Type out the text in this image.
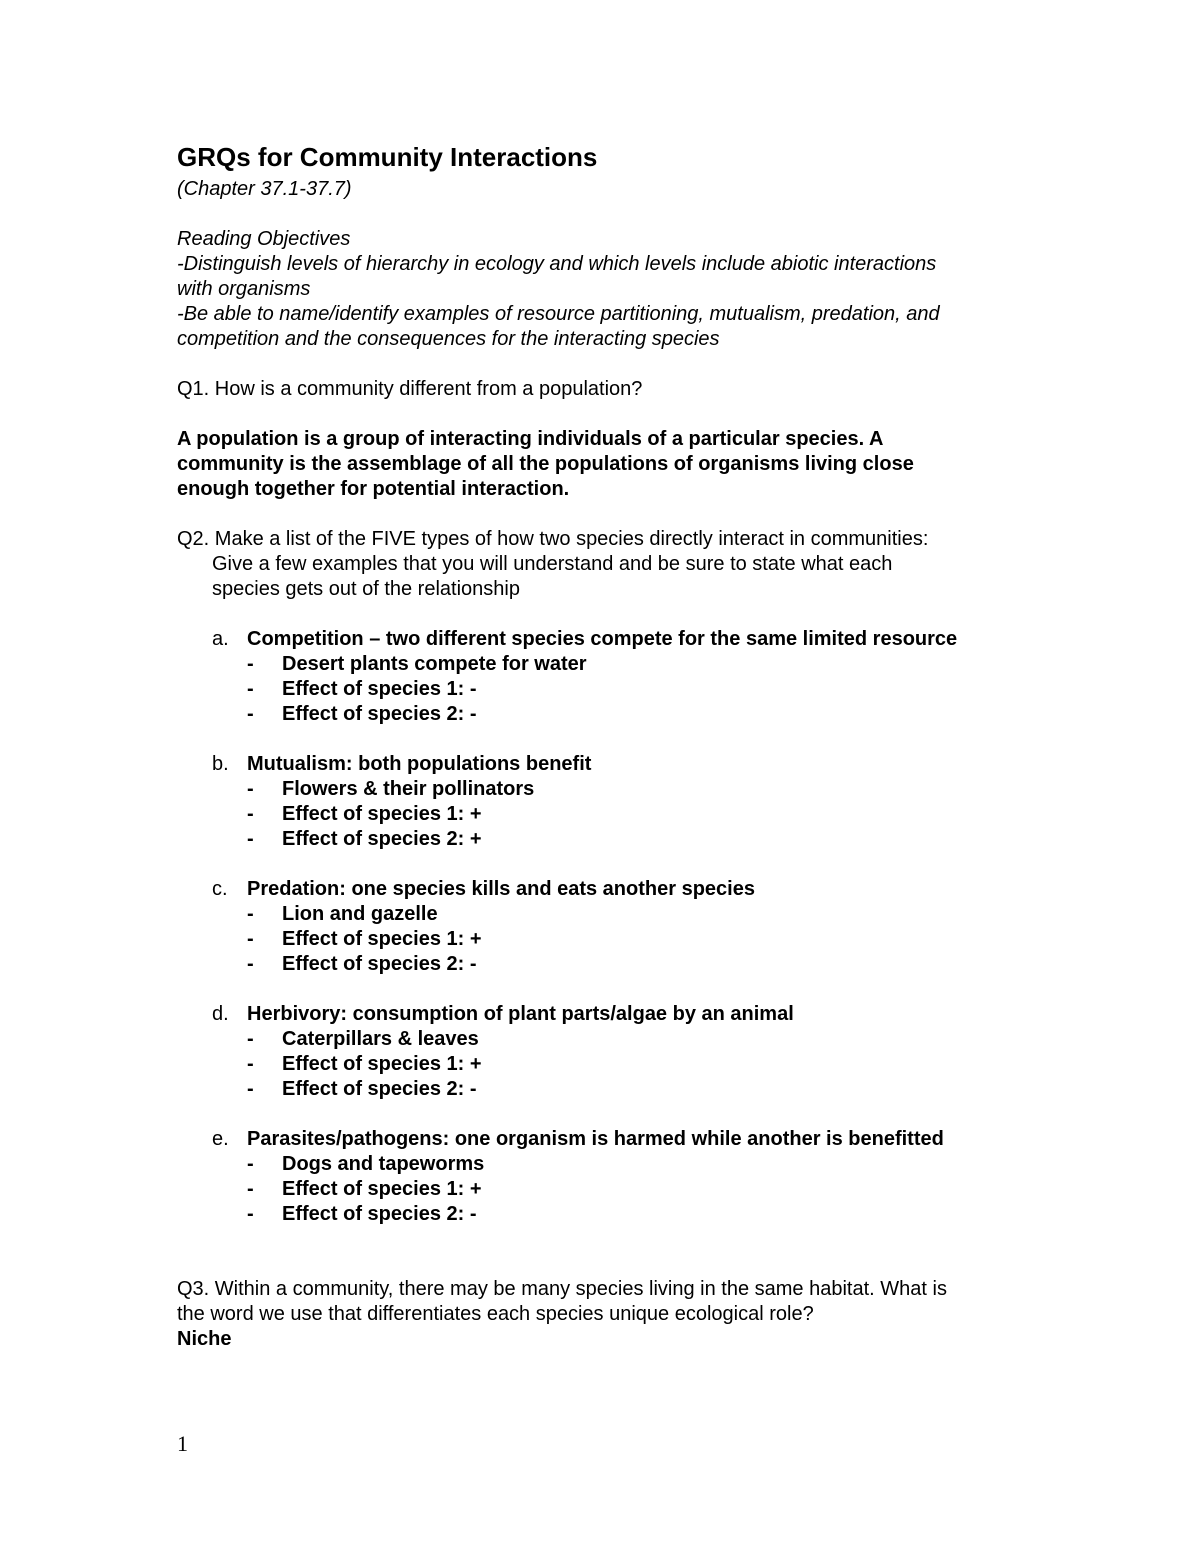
GRQs for Community Interactions

(Chapter 37.1-37.7)

Reading Objectives

-Distinguish levels of hierarchy in ecology and which levels include abiotic interactions

with organisms

-Be able to name/identify examples of resource partitioning, mutualism, predation, and

competition and the consequences for the interacting species

Q1. How is a community different from a population?

A population is a group of interacting individuals of a particular species. A

community is the assemblage of all the populations of organisms living close

enough together for potential interaction.

Q2. Make a list of the FIVE types of how two species directly interact in communities:

Give a few examples that you will understand and be sure to state what each

species gets out of the relationship

a. Competition – two different species compete for the same limited resource

- Desert plants compete for water

- Effect of species 1: -

- Effect of species 2: -

b. Mutualism: both populations benefit

- Flowers & their pollinators

- Effect of species 1: +

- Effect of species 2: +

c. Predation: one species kills and eats another species

- Lion and gazelle

- Effect of species 1: +

- Effect of species 2: -

d. Herbivory: consumption of plant parts/algae by an animal

- Caterpillars & leaves

- Effect of species 1: +

- Effect of species 2: -

e. Parasites/pathogens: one organism is harmed while another is benefitted

- Dogs and tapeworms

- Effect of species 1: +

- Effect of species 2: -

Q3. Within a community, there may be many species living in the same habitat. What is

the word we use that differentiates each species unique ecological role?

Niche

1
